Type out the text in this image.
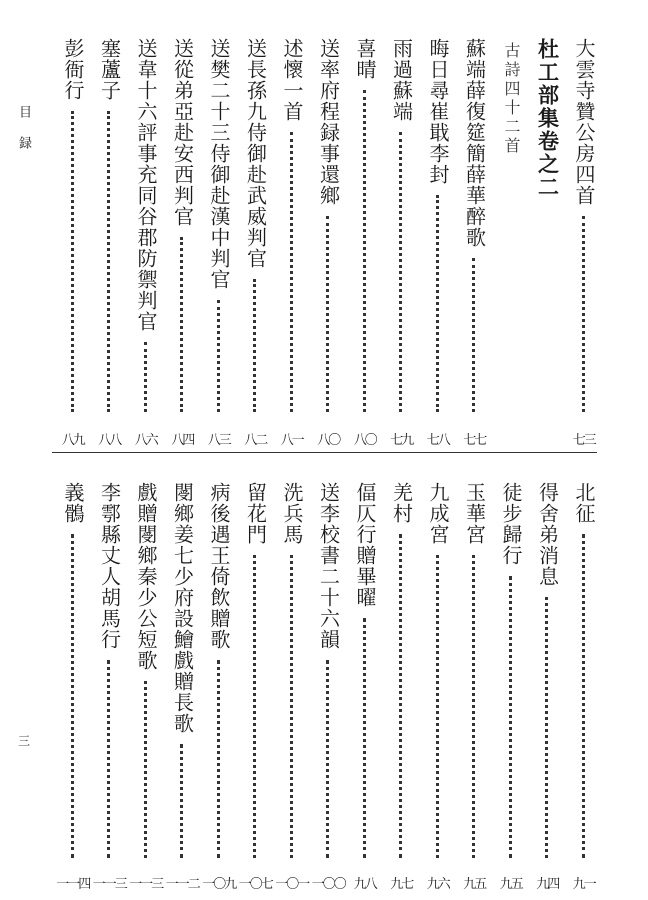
目録
三
大雲寺贊公房四首
七三
杜工部集卷之二
古詩四十二首
蘇端薛復筵簡薛華醉歌
七七
晦日尋崔戢李封
七八
雨過蘇端
七九
喜晴
八〇
送率府程録事還鄉
八〇
述懷一首
八一
送長孫九侍御赴武威判官
八二
送樊二十三侍御赴漢中判官
八三
送從弟亞赴安西判官
八四
送韋十六評事充同谷郡防禦判官
八六
塞蘆子
八八
彭衙行
八九
北征
九一
得舍弟消息
九四
徒步歸行
九五
玉華宮
九五
九成宮
九六
羌村
九七
偪仄行贈畢曜
九八
送李校書二十六韻
一〇〇
洗兵馬
一〇一
留花門
一〇七
病後遇王倚飲贈歌
一〇九
閿鄉姜七少府設鱠戲贈長歌
一一二
戲贈閿鄉秦少公短歌
一一三
李鄠縣丈人胡馬行
一一三
義鶻
一一四
